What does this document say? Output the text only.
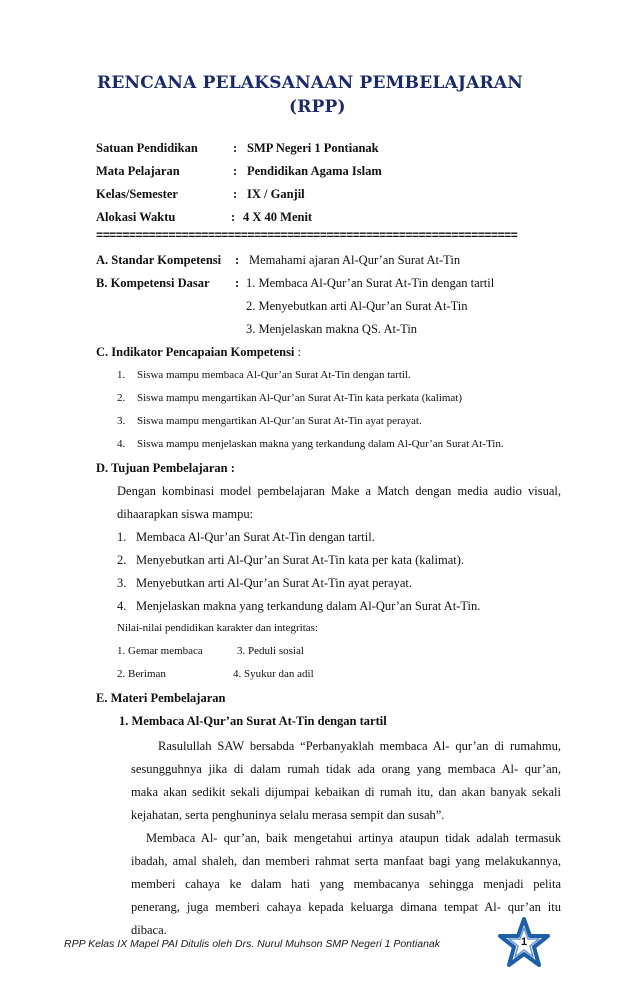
RENCANA PELAKSANAAN PEMBELAJARAN
(RPP)
Satuan Pendidikan	: SMP Negeri 1 Pontianak
Mata Pelajaran	: Pendidikan Agama Islam
Kelas/Semester	: IX / Ganjil
Alokasi Waktu	: 4 X 40 Menit
================================================================
A. Standar Kompetensi : Memahami ajaran Al-Qur’an Surat At-Tin
B. Kompetensi Dasar : 1. Membaca Al-Qur’an Surat At-Tin dengan tartil
2. Menyebutkan arti Al-Qur’an Surat At-Tin
3. Menjelaskan makna QS. At-Tin
C. Indikator Pencapaian Kompetensi :
1. Siswa mampu membaca Al-Qur’an Surat At-Tin dengan tartil.
2. Siswa mampu mengartikan Al-Qur’an Surat At-Tin kata perkata (kalimat)
3. Siswa mampu mengartikan Al-Qur’an Surat At-Tin ayat perayat.
4. Siswa mampu menjelaskan makna yang terkandung dalam Al-Qur’an Surat At-Tin.
D. Tujuan Pembelajaran :
Dengan kombinasi model pembelajaran Make a Match dengan media audio visual,
dihaarapkan siswa mampu:
1. Membaca Al-Qur’an Surat At-Tin dengan tartil.
2. Menyebutkan arti Al-Qur’an Surat At-Tin kata per kata (kalimat).
3. Menyebutkan arti Al-Qur’an Surat At-Tin ayat perayat.
4. Menjelaskan makna yang terkandung dalam Al-Qur’an Surat At-Tin.
Nilai-nilai pendidikan karakter dan integritas:
1. Gemar membaca	3. Peduli sosial
2. Beriman	4. Syukur dan adil
E. Materi Pembelajaran
1. Membaca Al-Qur’an Surat At-Tin dengan tartil
Rasulullah SAW bersabda “Perbanyaklah membaca Al- qur’an di rumahmu,
sesungguhnya jika di dalam rumah tidak ada orang yang membaca Al- qur’an,
maka akan sedikit sekali dijumpai kebaikan di rumah itu, dan akan banyak sekali
kejahatan, serta penghuninya selalu merasa sempit dan susah”.
Membaca Al- qur’an, baik mengetahui artinya ataupun tidak adalah termasuk
ibadah, amal shaleh, dan memberi rahmat serta manfaat bagi yang melakukannya,
memberi cahaya ke dalam hati yang membacanya sehingga menjadi pelita
penerang, juga memberi cahaya kepada keluarga dimana tempat Al- qur’an itu
dibaca.
RPP Kelas IX Mapel PAI Ditulis oleh Drs. Nurul Muhson SMP Negeri 1 Pontianak	1
